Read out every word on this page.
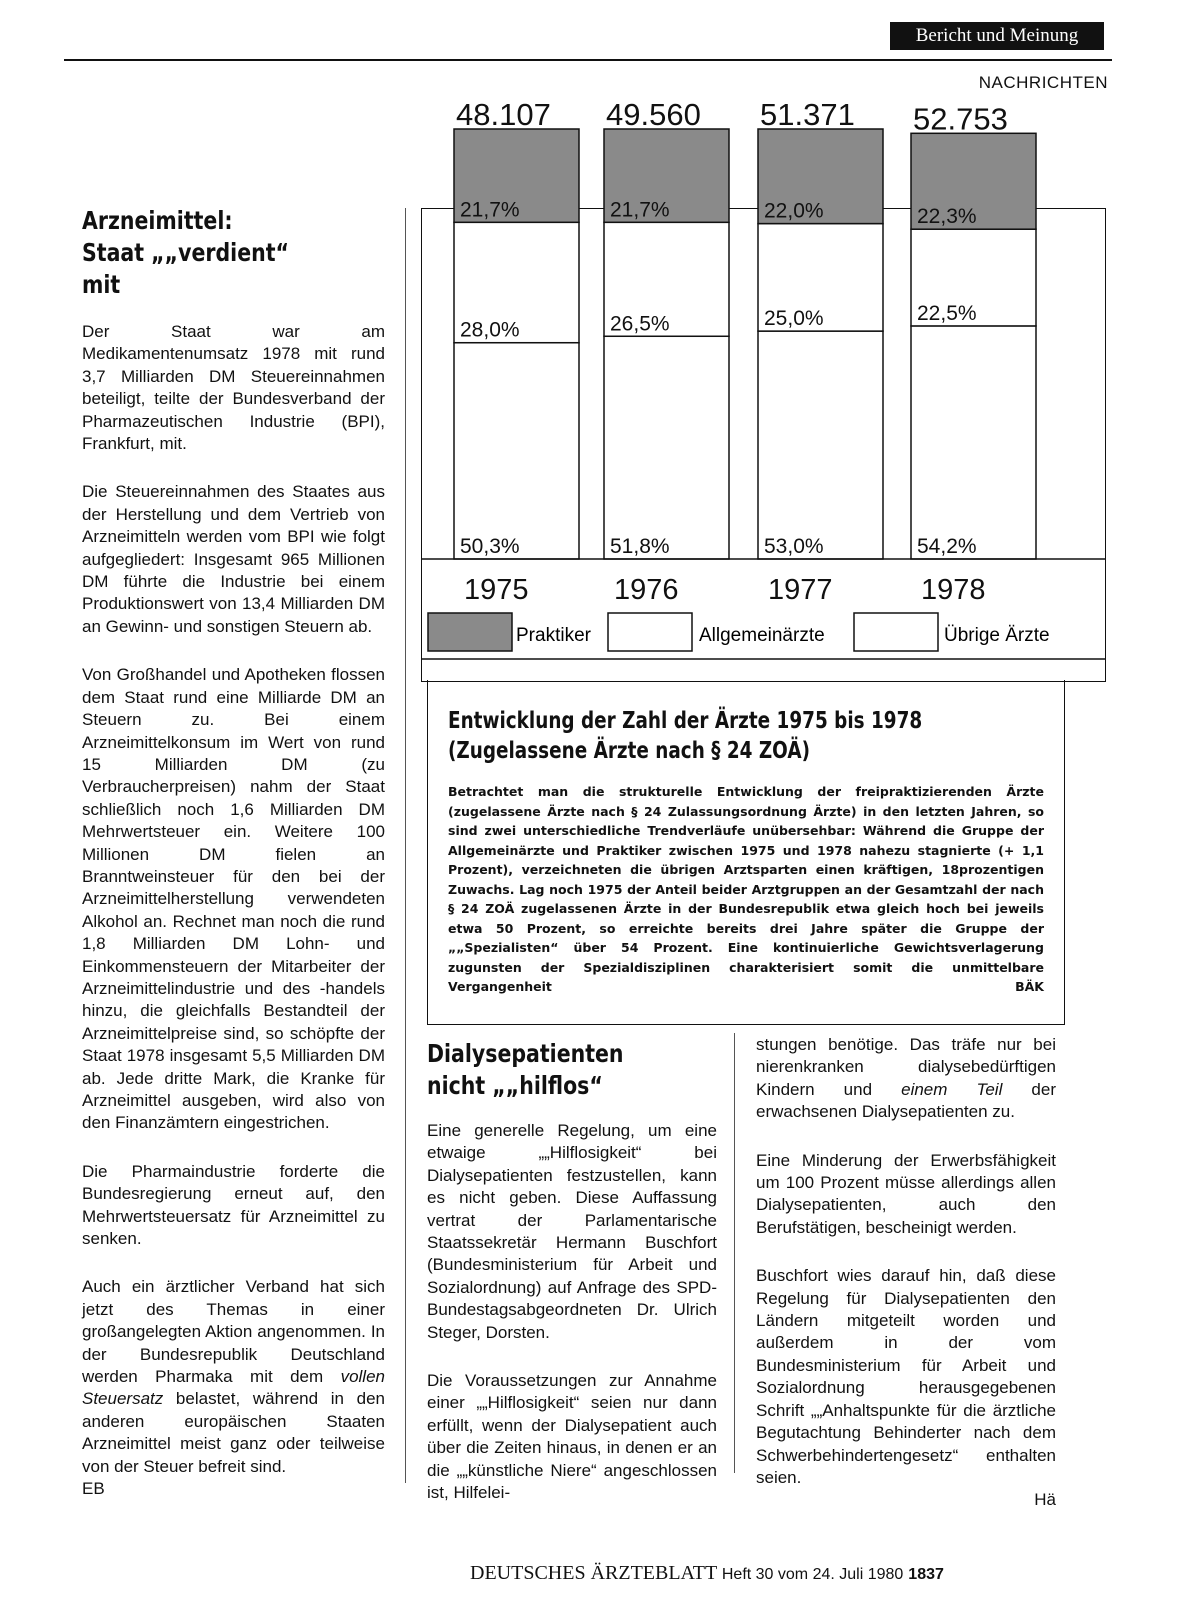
Bericht und Meinung
NACHRICHTEN
Arzneimittel:
Staat „„verdient“ mit

Der Staat war am Medikamentenumsatz 1978 mit rund 3,7 Milliarden DM Steuereinnahmen beteiligt, teilte der Bundesverband der Pharmazeutischen Industrie (BPI), Frankfurt, mit.

Die Steuereinnahmen des Staates aus der Herstellung und dem Vertrieb von Arzneimitteln werden vom BPI wie folgt aufgegliedert: Insgesamt 965 Millionen DM führte die Industrie bei einem Produktionswert von 13,4 Milliarden DM an Gewinn- und sonstigen Steuern ab.

Von Großhandel und Apotheken flossen dem Staat rund eine Milliarde DM an Steuern zu. Bei einem Arzneimittelkonsum im Wert von rund 15 Milliarden DM (zu Verbraucherpreisen) nahm der Staat schließlich noch 1,6 Milliarden DM Mehrwertsteuer ein. Weitere 100 Millionen DM fielen an Branntweinsteuer für den bei der Arzneimittelherstellung verwendeten Alkohol an. Rechnet man noch die rund 1,8 Milliarden DM Lohn- und Einkommensteuern der Mitarbeiter der Arzneimittelindustrie und des -handels hinzu, die gleichfalls Bestandteil der Arzneimittelpreise sind, so schöpfte der Staat 1978 insgesamt 5,5 Milliarden DM ab. Jede dritte Mark, die Kranke für Arzneimittel ausgeben, wird also von den Finanzämtern eingestrichen.

Die Pharmaindustrie forderte die Bundesregierung erneut auf, den Mehrwertsteuersatz für Arzneimittel zu senken.

Auch ein ärztlicher Verband hat sich jetzt des Themas in einer großangelegten Aktion angenommen. In der Bundesrepublik Deutschland werden Pharmaka mit dem vollen Steuersatz belastet, während in den anderen europäischen Staaten Arzneimittel meist ganz oder teilweise von der Steuer befreit sind.

EB
50,3%
28,0%
21,7%
48.107
1975
51,8%
26,5%
21,7%
49.560
1976
53,0%
25,0%
22,0%
51.371
1977
54,2%
22,5%
22,3%
52.753
1978
Praktiker	Allgemeinärzte	Übrige Ärzte
Entwicklung der Zahl der Ärzte 1975 bis 1978
(Zugelassene Ärzte nach § 24 ZOÄ)

Betrachtet man die strukturelle Entwicklung der freipraktizierenden Ärzte (zugelassene Ärzte nach § 24 Zulassungsordnung Ärzte) in den letzten Jahren, so sind zwei unterschiedliche Trendverläufe unübersehbar: Während die Gruppe der Allgemeinärzte und Praktiker zwischen 1975 und 1978 nahezu stagnierte (+ 1,1 Prozent), verzeichneten die übrigen Arztsparten einen kräftigen, 18prozentigen Zuwachs. Lag noch 1975 der Anteil beider Arztgruppen an der Gesamtzahl der nach § 24 ZOÄ zugelassenen Ärzte in der Bundesrepublik etwa gleich hoch bei jeweils etwa 50 Prozent, so erreichte bereits drei Jahre später die Gruppe der „„Spezialisten“ über 54 Prozent. Eine kontinuierliche Gewichtsverlagerung zugunsten der Spezialdisziplinen charakterisiert somit die unmittelbare Vergangenheit	BÄK

Dialysepatienten
nicht „„hilflos“

Eine generelle Regelung, um eine etwaige „„Hilflosigkeit“ bei Dialysepatienten festzustellen, kann es nicht geben. Diese Auffassung vertrat der Parlamentarische Staatssekretär Hermann Buschfort (Bundesministerium für Arbeit und Sozialordnung) auf Anfrage des SPD-Bundestagsabgeordneten Dr. Ulrich Steger, Dorsten.

Die Voraussetzungen zur Annahme einer „„Hilflosigkeit“ seien nur dann erfüllt, wenn der Dialysepatient auch über die Zeiten hinaus, in denen er an die „„künstliche Niere“ angeschlossen ist, Hilfelei-

stungen benötige. Das träfe nur bei nierenkranken dialysebedürftigen Kindern und einem Teil der erwachsenen Dialysepatienten zu.

Eine Minderung der Erwerbsfähigkeit um 100 Prozent müsse allerdings allen Dialysepatienten, auch den Berufstätigen, bescheinigt werden.

Buschfort wies darauf hin, daß diese Regelung für Dialysepatienten den Ländern mitgeteilt worden und außerdem in der vom Bundesministerium für Arbeit und Sozialordnung herausgegebenen Schrift „„Anhaltspunkte für die ärztliche Begutachtung Behinderter nach dem Schwerbehindertengesetz“ enthalten seien.

Hä
DEUTSCHES ÄRZTEBLATT Heft 30 vom 24. Juli 1980 1837
